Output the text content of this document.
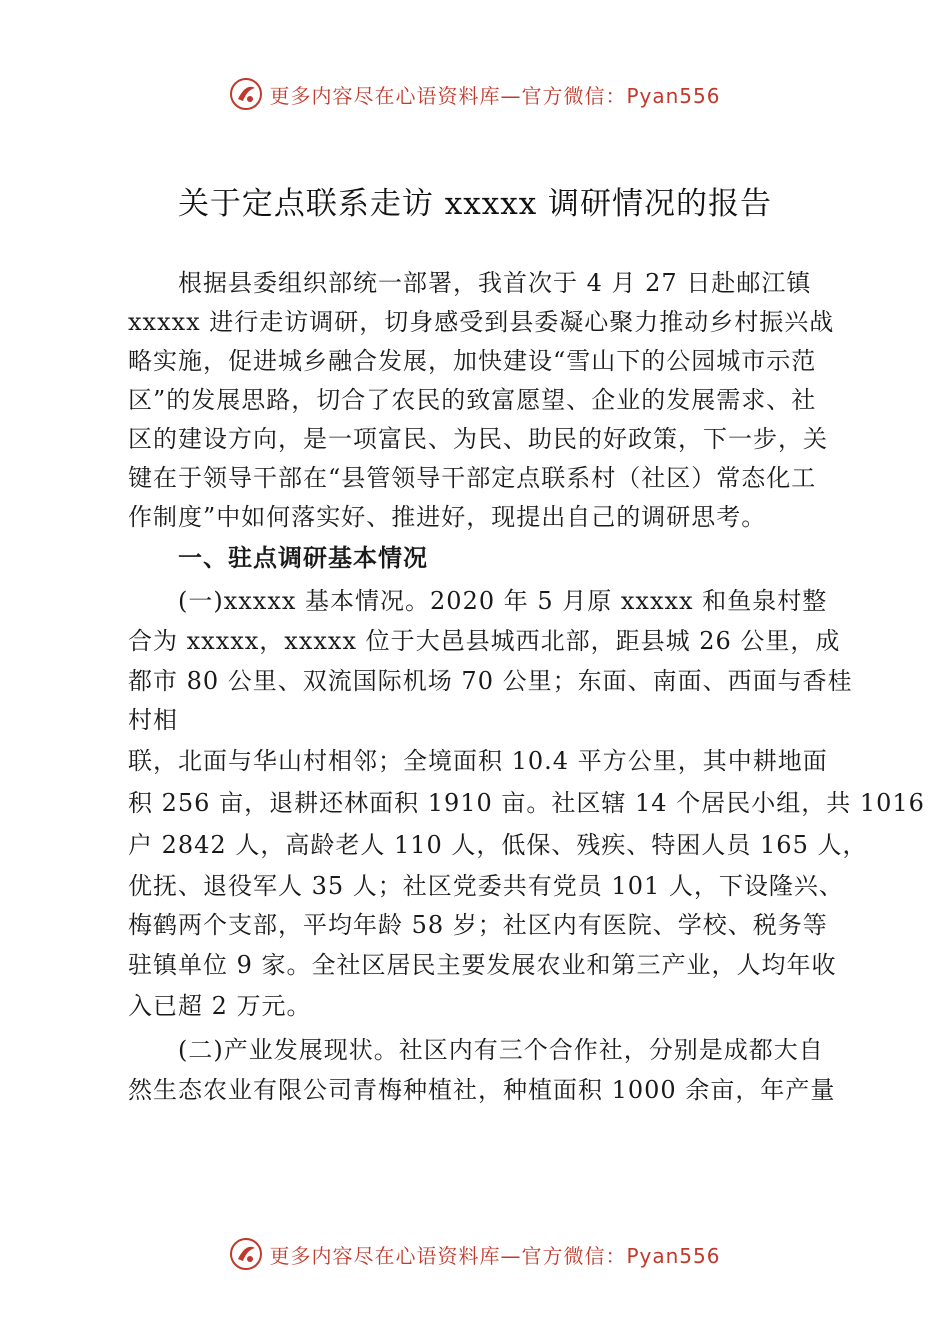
更多内容尽在心语资料库—官方微信：Pyan556
关于定点联系走访 xxxxx 调研情况的报告
根据县委组织部统一部署，我首次于 4 月 27 日赴邮江镇
xxxxx 进行走访调研，切身感受到县委凝心聚力推动乡村振兴战
略实施，促进城乡融合发展，加快建设“雪山下的公园城市示范
区”的发展思路，切合了农民的致富愿望、企业的发展需求、社
区的建设方向，是一项富民、为民、助民的好政策，下一步，关
键在于领导干部在“县管领导干部定点联系村（社区）常态化工
作制度”中如何落实好、推进好，现提出自己的调研思考。
一、驻点调研基本情况
(一)xxxxx 基本情况。2020 年 5 月原 xxxxx 和鱼泉村整
合为 xxxxx，xxxxx 位于大邑县城西北部，距县城 26 公里，成
都市 80 公里、双流国际机场 70 公里；东面、南面、西面与香桂
村相
联，北面与华山村相邻；全境面积 10.4 平方公里，其中耕地面
积 256 亩，退耕还林面积 1910 亩。社区辖 14 个居民小组，共 1016
户 2842 人，高龄老人 110 人，低保、残疾、特困人员 165 人，
优抚、退役军人 35 人；社区党委共有党员 101 人，下设隆兴、
梅鹤两个支部，平均年龄 58 岁；社区内有医院、学校、税务等
驻镇单位 9 家。全社区居民主要发展农业和第三产业，人均年收
入已超 2 万元。
(二)产业发展现状。社区内有三个合作社，分别是成都大自
然生态农业有限公司青梅种植社，种植面积 1000 余亩，年产量
更多内容尽在心语资料库—官方微信：Pyan556
